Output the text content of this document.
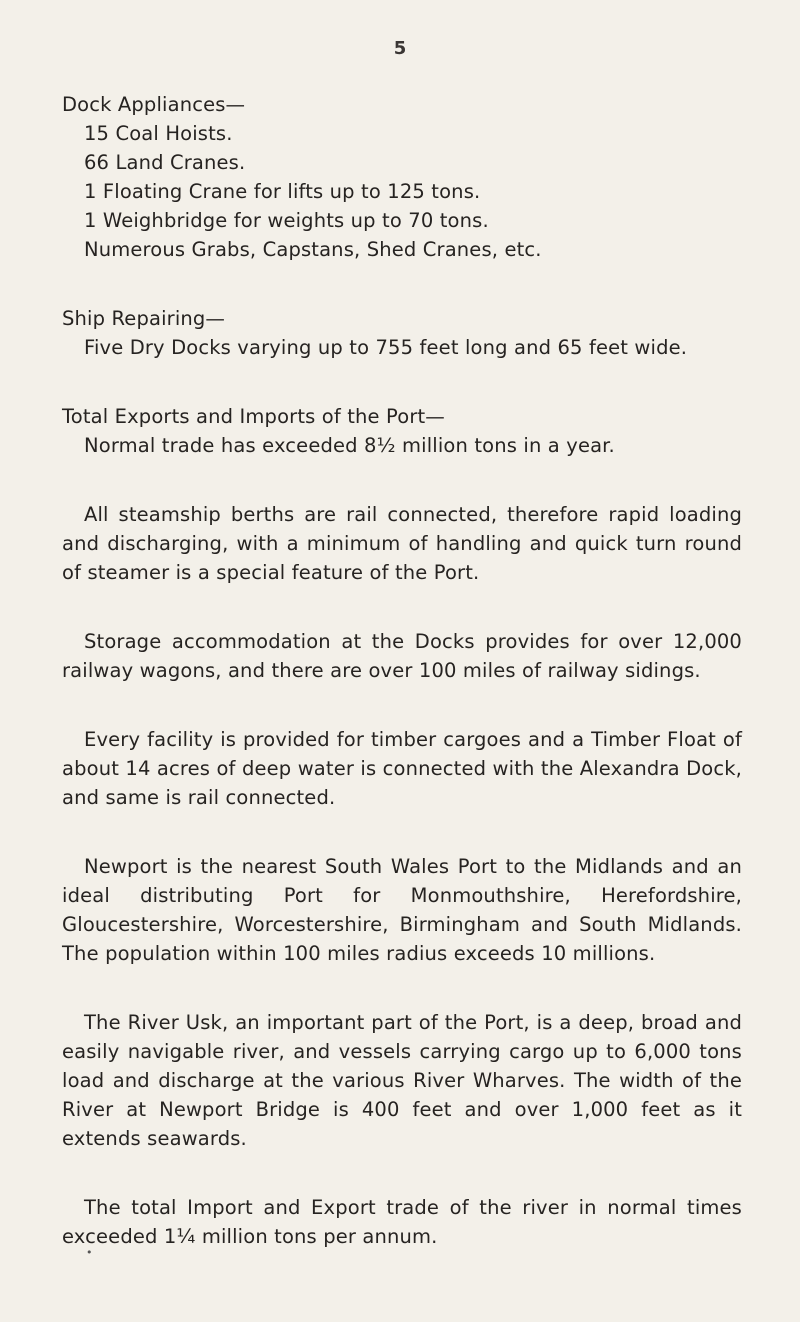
5

Dock Appliances—

15 Coal Hoists.

66 Land Cranes.

1 Floating Crane for lifts up to 125 tons.

1 Weighbridge for weights up to 70 tons.

Numerous Grabs, Capstans, Shed Cranes, etc.

Ship Repairing—

Five Dry Docks varying up to 755 feet long and 65 feet wide.

Total Exports and Imports of the Port—

Normal trade has exceeded 8½ million tons in a year.

All steamship berths are rail connected, therefore rapid loading and discharging, with a minimum of handling and quick turn round of steamer is a special feature of the Port.

Storage accommodation at the Docks provides for over 12,000 railway wagons, and there are over 100 miles of railway sidings.

Every facility is provided for timber cargoes and a Timber Float of about 14 acres of deep water is connected with the Alexandra Dock, and same is rail connected.

Newport is the nearest South Wales Port to the Midlands and an ideal distributing Port for Monmouthshire, Herefordshire, Gloucestershire, Worcestershire, Birmingham and South Midlands. The population within 100 miles radius exceeds 10 millions.

The River Usk, an important part of the Port, is a deep, broad and easily navigable river, and vessels carrying cargo up to 6,000 tons load and discharge at the various River Wharves. The width of the River at Newport Bridge is 400 feet and over 1,000 feet as it extends seawards.

The total Import and Export trade of the river in normal times exceeded 1¼ million tons per annum.

•
